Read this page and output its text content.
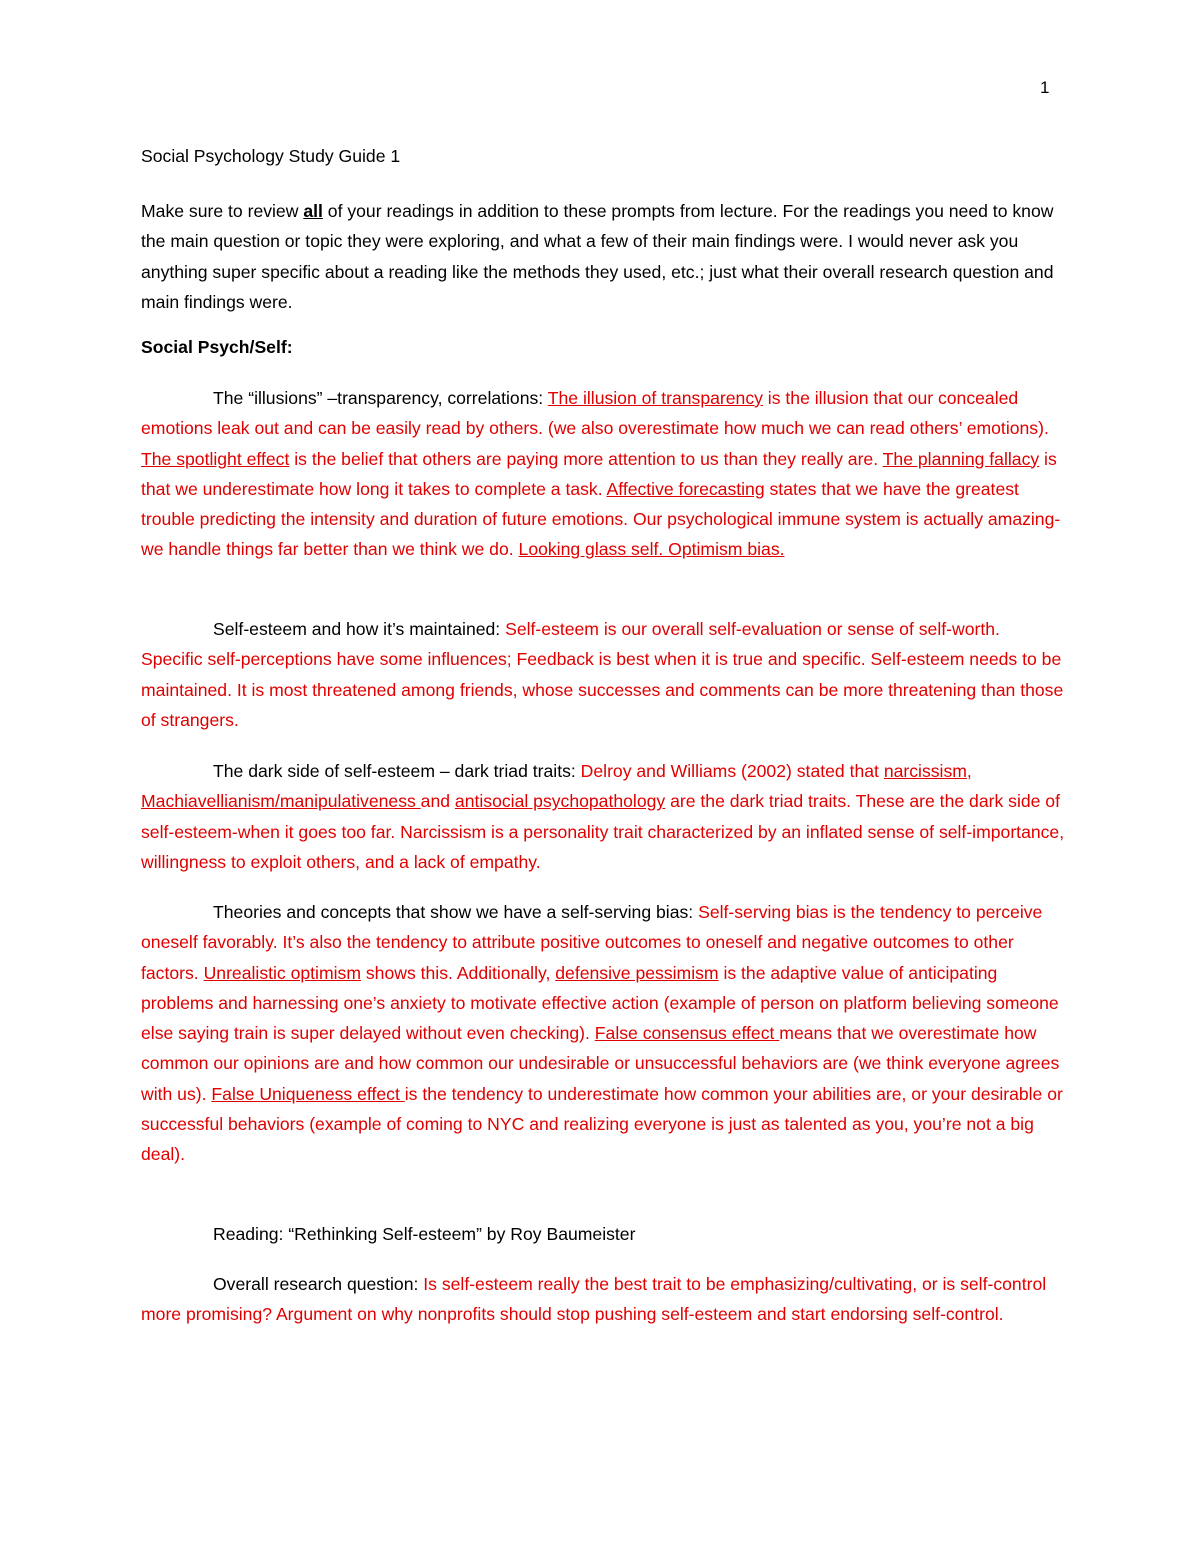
1
Social Psychology Study Guide 1
Make sure to review all of your readings in addition to these prompts from lecture. For the readings you need to know the main question or topic they were exploring, and what a few of their main findings were. I would never ask you anything super specific about a reading like the methods they used, etc.; just what their overall research question and main findings were.
Social Psych/Self:
The “illusions” –transparency, correlations: The illusion of transparency is the illusion that our concealed emotions leak out and can be easily read by others. (we also overestimate how much we can read others’ emotions). The spotlight effect is the belief that others are paying more attention to us than they really are. The planning fallacy is that we underestimate how long it takes to complete a task. Affective forecasting states that we have the greatest trouble predicting the intensity and duration of future emotions. Our psychological immune system is actually amazing-we handle things far better than we think we do. Looking glass self. Optimism bias.
Self-esteem and how it’s maintained: Self-esteem is our overall self-evaluation or sense of self-worth. Specific self-perceptions have some influences; Feedback is best when it is true and specific. Self-esteem needs to be maintained. It is most threatened among friends, whose successes and comments can be more threatening than those of strangers.
The dark side of self-esteem – dark triad traits: Delroy and Williams (2002) stated that narcissism, Machiavellianism/manipulativeness and antisocial psychopathology are the dark triad traits. These are the dark side of self-esteem-when it goes too far. Narcissism is a personality trait characterized by an inflated sense of self-importance, willingness to exploit others, and a lack of empathy.
Theories and concepts that show we have a self-serving bias: Self-serving bias is the tendency to perceive oneself favorably. It’s also the tendency to attribute positive outcomes to oneself and negative outcomes to other factors. Unrealistic optimism shows this. Additionally, defensive pessimism is the adaptive value of anticipating problems and harnessing one’s anxiety to motivate effective action (example of person on platform believing someone else saying train is super delayed without even checking). False consensus effect means that we overestimate how common our opinions are and how common our undesirable or unsuccessful behaviors are (we think everyone agrees with us). False Uniqueness effect is the tendency to underestimate how common your abilities are, or your desirable or successful behaviors (example of coming to NYC and realizing everyone is just as talented as you, you’re not a big deal).
Reading: “Rethinking Self-esteem” by Roy Baumeister
Overall research question: Is self-esteem really the best trait to be emphasizing/cultivating, or is self-control more promising? Argument on why nonprofits should stop pushing self-esteem and start endorsing self-control.
